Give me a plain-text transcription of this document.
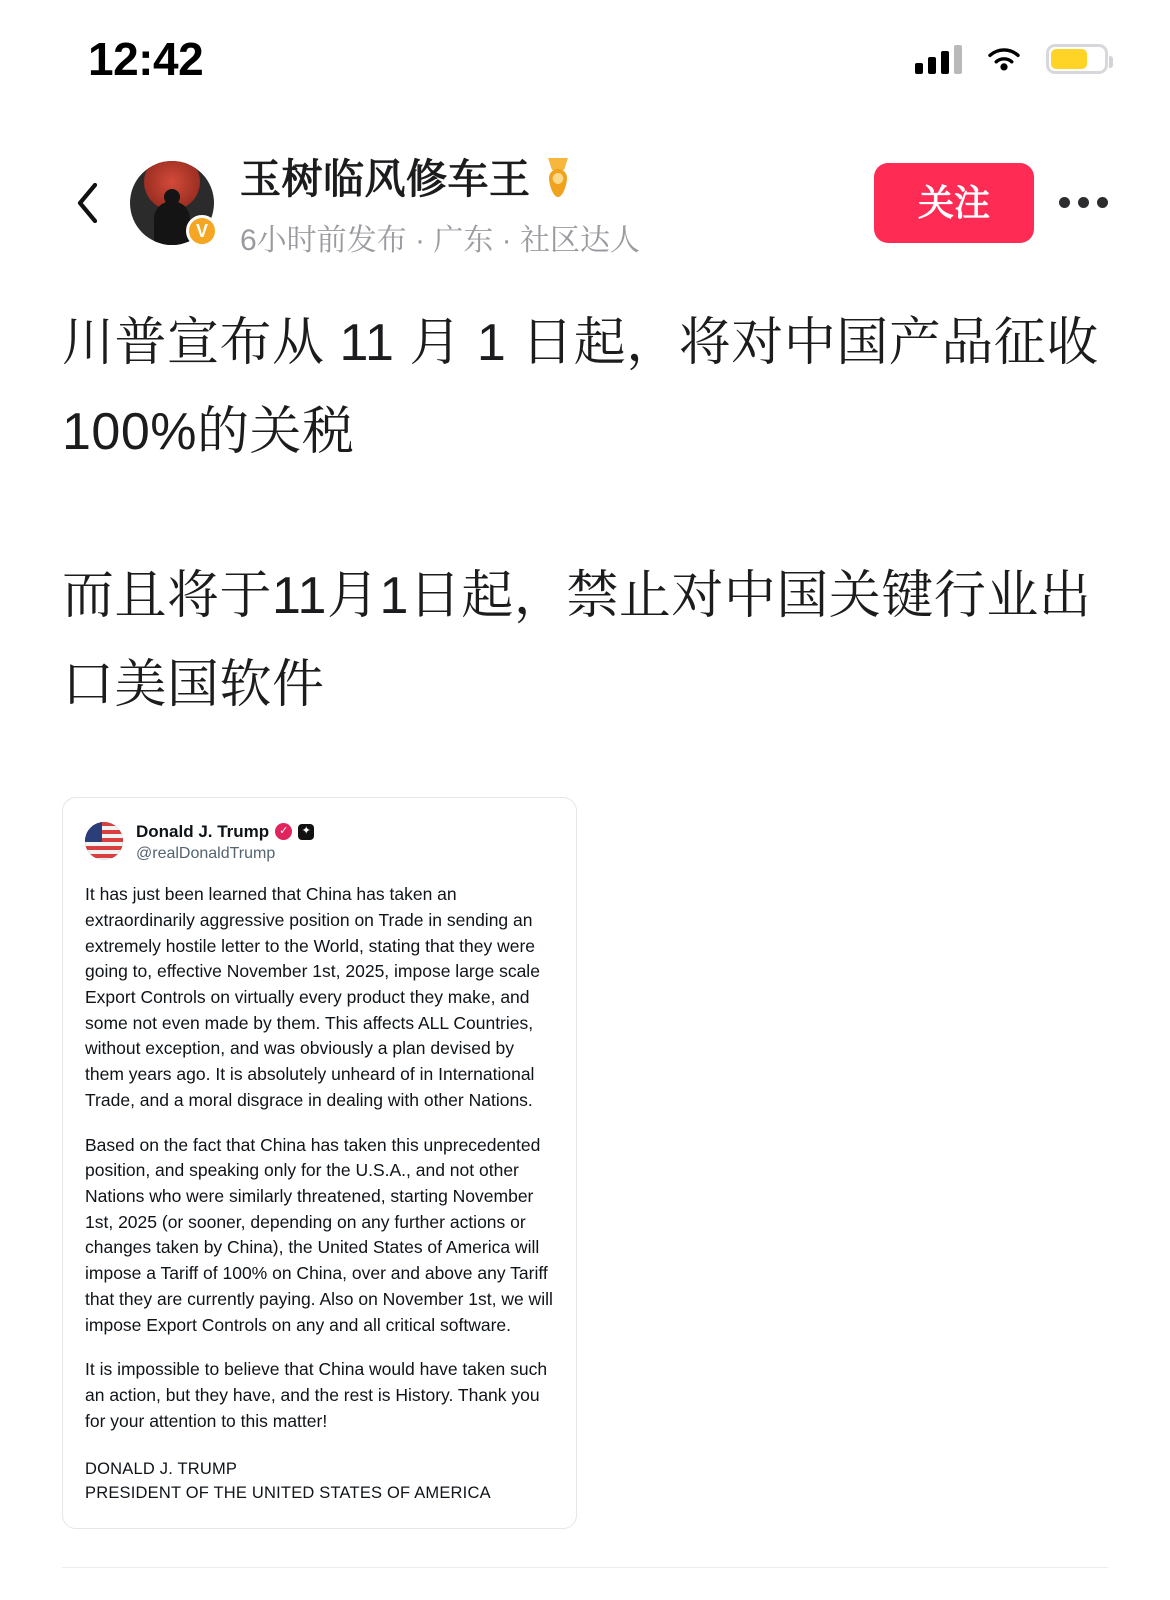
12:42
V
玉树临风修车王
6小时前发布 · 广东 · 社区达人
关注
川普宣布从 11 月 1 日起，将对中国产品征收100%的关税
而且将于11月1日起，禁止对中国关键行业出口美国软件
Donald J. Trump ✓	✦
@realDonaldTrump

It has just been learned that China has taken an extraordinarily aggressive position on Trade in sending an extremely hostile letter to the World, stating that they were going to, effective November 1st, 2025, impose large scale Export Controls on virtually every product they make, and some not even made by them. This affects ALL Countries, without exception, and was obviously a plan devised by them years ago. It is absolutely unheard of in International Trade, and a moral disgrace in dealing with other Nations.

Based on the fact that China has taken this unprecedented position, and speaking only for the U.S.A., and not other Nations who were similarly threatened, starting November 1st, 2025 (or sooner, depending on any further actions or changes taken by China), the United States of America will impose a Tariff of 100% on China, over and above any Tariff that they are currently paying. Also on November 1st, we will impose Export Controls on any and all critical software.

It is impossible to believe that China would have taken such an action, but they have, and the rest is History. Thank you for your attention to this matter!

DONALD J. TRUMP
PRESIDENT OF THE UNITED STATES OF AMERICA
